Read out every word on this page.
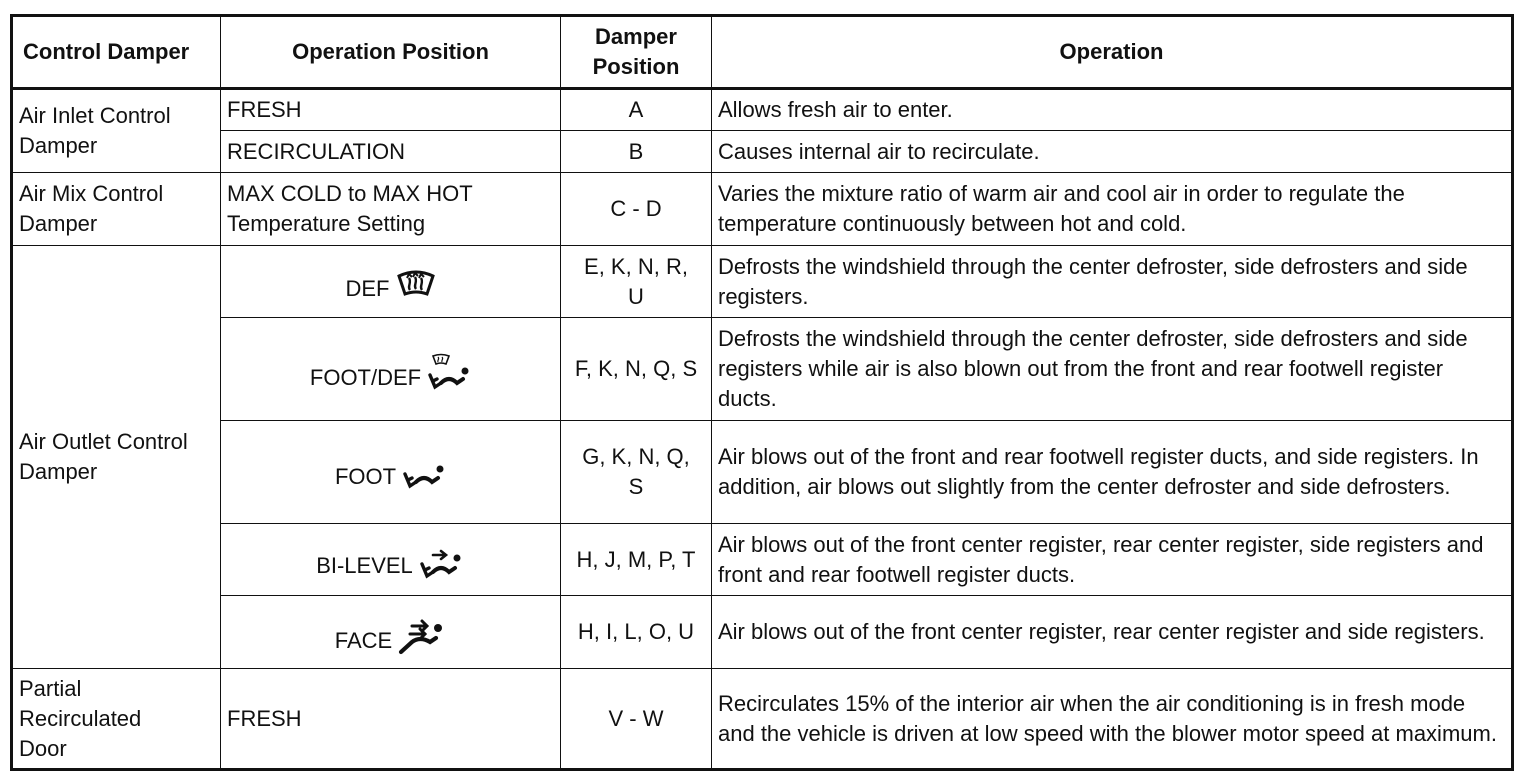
Control Damper	Operation Position	Damper Position	Operation
Air Inlet Control Damper	FRESH	A	Allows fresh air to enter.
	RECIRCULATION	B	Causes internal air to recirculate.
Air Mix Control Damper	MAX COLD to MAX HOT Temperature Setting	C - D	Varies the mixture ratio of warm air and cool air in order to regulate the temperature continuously between hot and cold.
Air Outlet Control Damper	DEF	E, K, N, R, U	Defrosts the windshield through the center defroster, side defrosters and side registers.

	FOOT/DEF	F, K, N, Q, S	Defrosts the windshield through the center defroster, side defrosters and side registers while air is also blown out from the front and rear footwell register ducts.

	FOOT	G, K, N, Q, S	Air blows out of the front and rear footwell register ducts, and side registers. In addition, air blows out slightly from the center defroster and side defrosters.

	BI-LEVEL	H, J, M, P, T	Air blows out of the front center register, rear center register, side registers and front and rear footwell register ducts.

	FACE	H, I, L, O, U	Air blows out of the front center register, rear center register and side registers.

Partial Recirculated Door	FRESH	V - W	Recirculates 15% of the interior air when the air conditioning is in fresh mode and the vehicle is driven at low speed with the blower motor speed at maximum.
